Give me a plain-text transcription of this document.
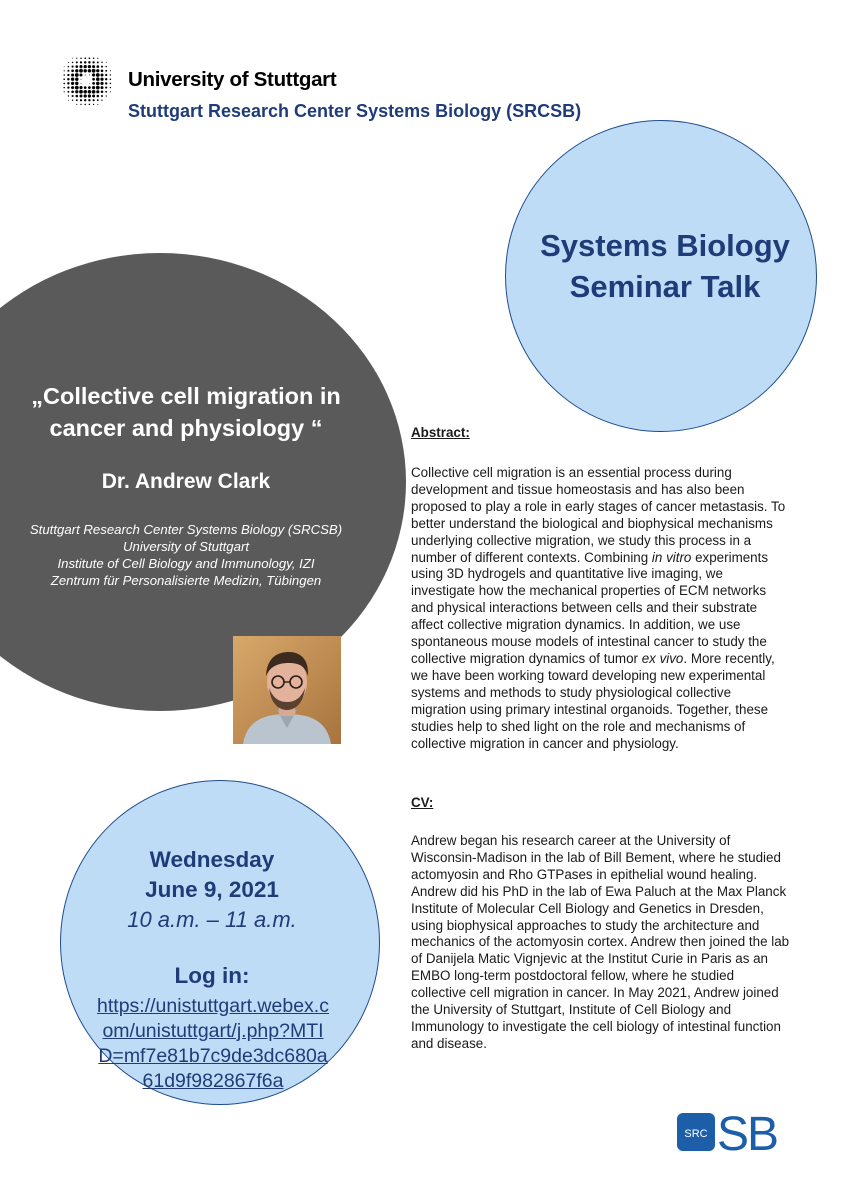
University of Stuttgart
Stuttgart Research Center Systems Biology (SRCSB)
Systems Biology
Seminar Talk
„Collective cell migration in
cancer and physiology “
Dr. Andrew Clark
Stuttgart Research Center Systems Biology (SRCSB)
University of Stuttgart
Institute of Cell Biology and Immunology, IZI
Zentrum für Personalisierte Medizin, Tübingen
Wednesday
June 9, 2021
10 a.m. – 11 a.m.
Log in:
https://unistuttgart.webex.c
om/unistuttgart/j.php?MTI
D=mf7e81b7c9de3dc680a
61d9f982867f6a
Abstract:
Collective cell migration is an essential process during
development and tissue homeostasis and has also been
proposed to play a role in early stages of cancer metastasis. To
better understand the biological and biophysical mechanisms
underlying collective migration, we study this process in a
number of different contexts. Combining in vitro experiments
using 3D hydrogels and quantitative live imaging, we
investigate how the mechanical properties of ECM networks
and physical interactions between cells and their substrate
affect collective migration dynamics. In addition, we use
spontaneous mouse models of intestinal cancer to study the
collective migration dynamics of tumor ex vivo. More recently,
we have been working toward developing new experimental
systems and methods to study physiological collective
migration using primary intestinal organoids. Together, these
studies help to shed light on the role and mechanisms of
collective migration in cancer and physiology.
CV:
Andrew began his research career at the University of
Wisconsin-Madison in the lab of Bill Bement, where he studied
actomyosin and Rho GTPases in epithelial wound healing.
Andrew did his PhD in the lab of Ewa Paluch at the Max Planck
Institute of Molecular Cell Biology and Genetics in Dresden,
using biophysical approaches to study the architecture and
mechanics of the actomyosin cortex. Andrew then joined the lab
of Danijela Matic Vignjevic at the Institut Curie in Paris as an
EMBO long-term postdoctoral fellow, where he studied
collective cell migration in cancer. In May 2021, Andrew joined
the University of Stuttgart, Institute of Cell Biology and
Immunology to investigate the cell biology of intestinal function
and disease.
SRC SB
